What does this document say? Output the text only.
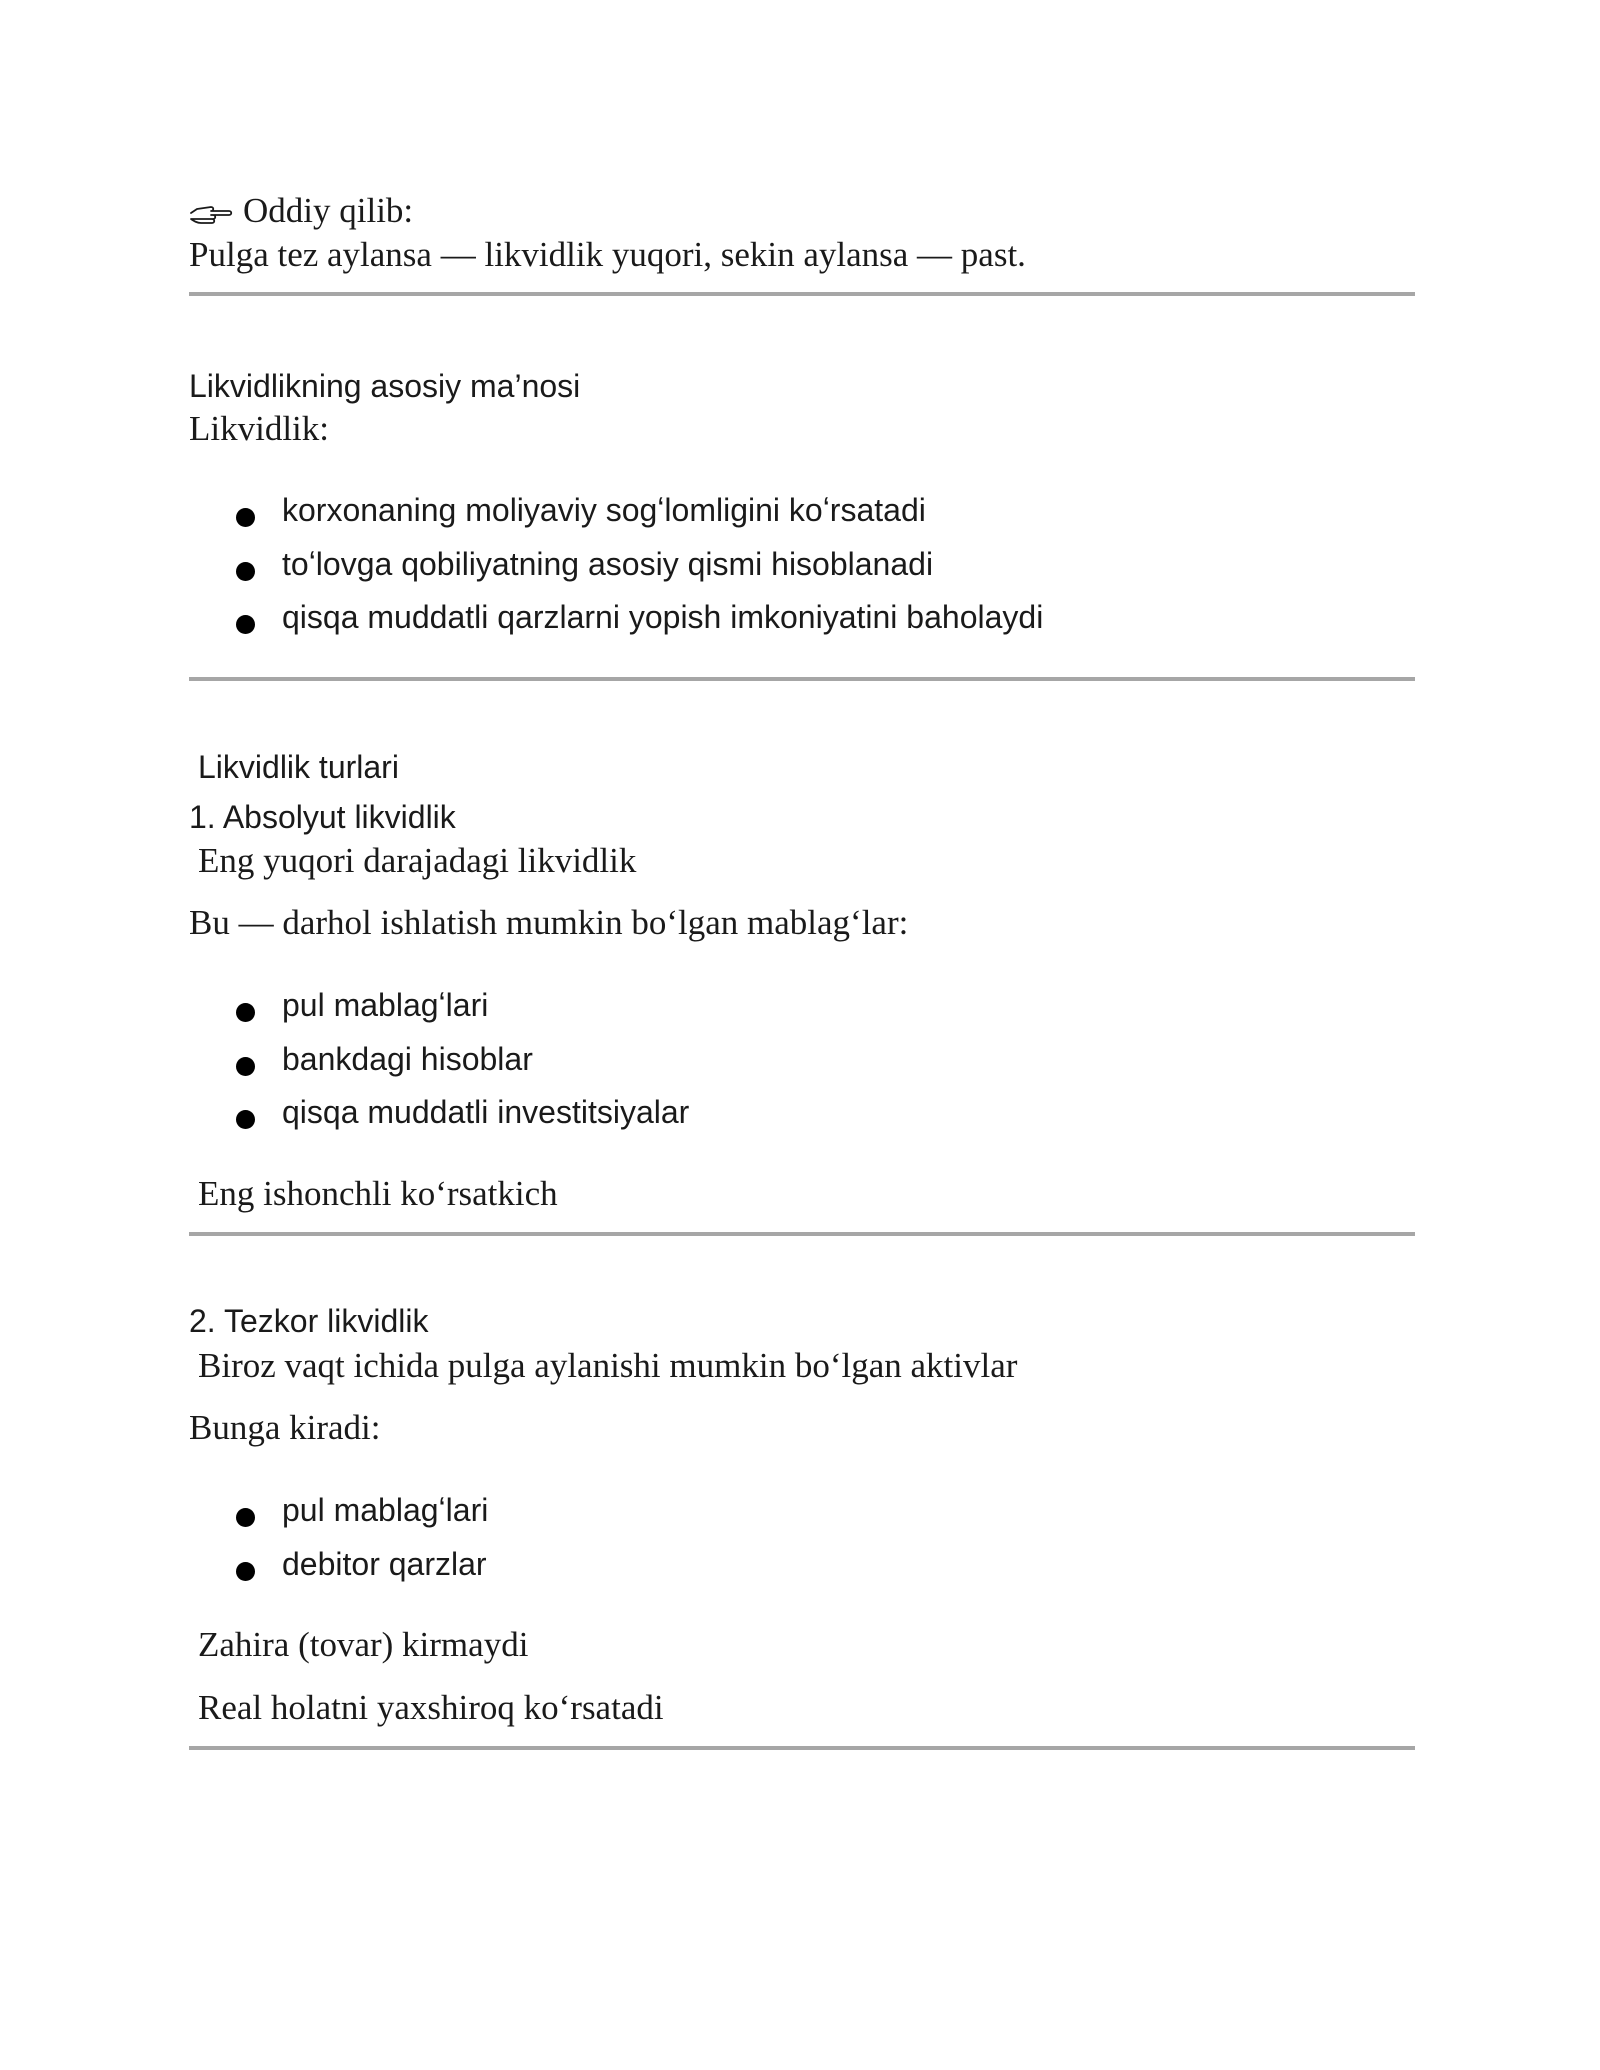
Oddiy qilib:
Pulga tez aylansa — likvidlik yuqori, sekin aylansa — past.
Likvidlikning asosiy ma’nosi
Likvidlik:
korxonaning moliyaviy sogʻlomligini koʻrsatadi
toʻlovga qobiliyatning asosiy qismi hisoblanadi
qisqa muddatli qarzlarni yopish imkoniyatini baholaydi
Likvidlik turlari
1. Absolyut likvidlik
Eng yuqori darajadagi likvidlik
Bu — darhol ishlatish mumkin boʻlgan mablagʻlar:
pul mablagʻlari
bankdagi hisoblar
qisqa muddatli investitsiyalar
Eng ishonchli koʻrsatkich
2. Tezkor likvidlik
Biroz vaqt ichida pulga aylanishi mumkin boʻlgan aktivlar
Bunga kiradi:
pul mablagʻlari
debitor qarzlar
Zahira (tovar) kirmaydi
Real holatni yaxshiroq koʻrsatadi
